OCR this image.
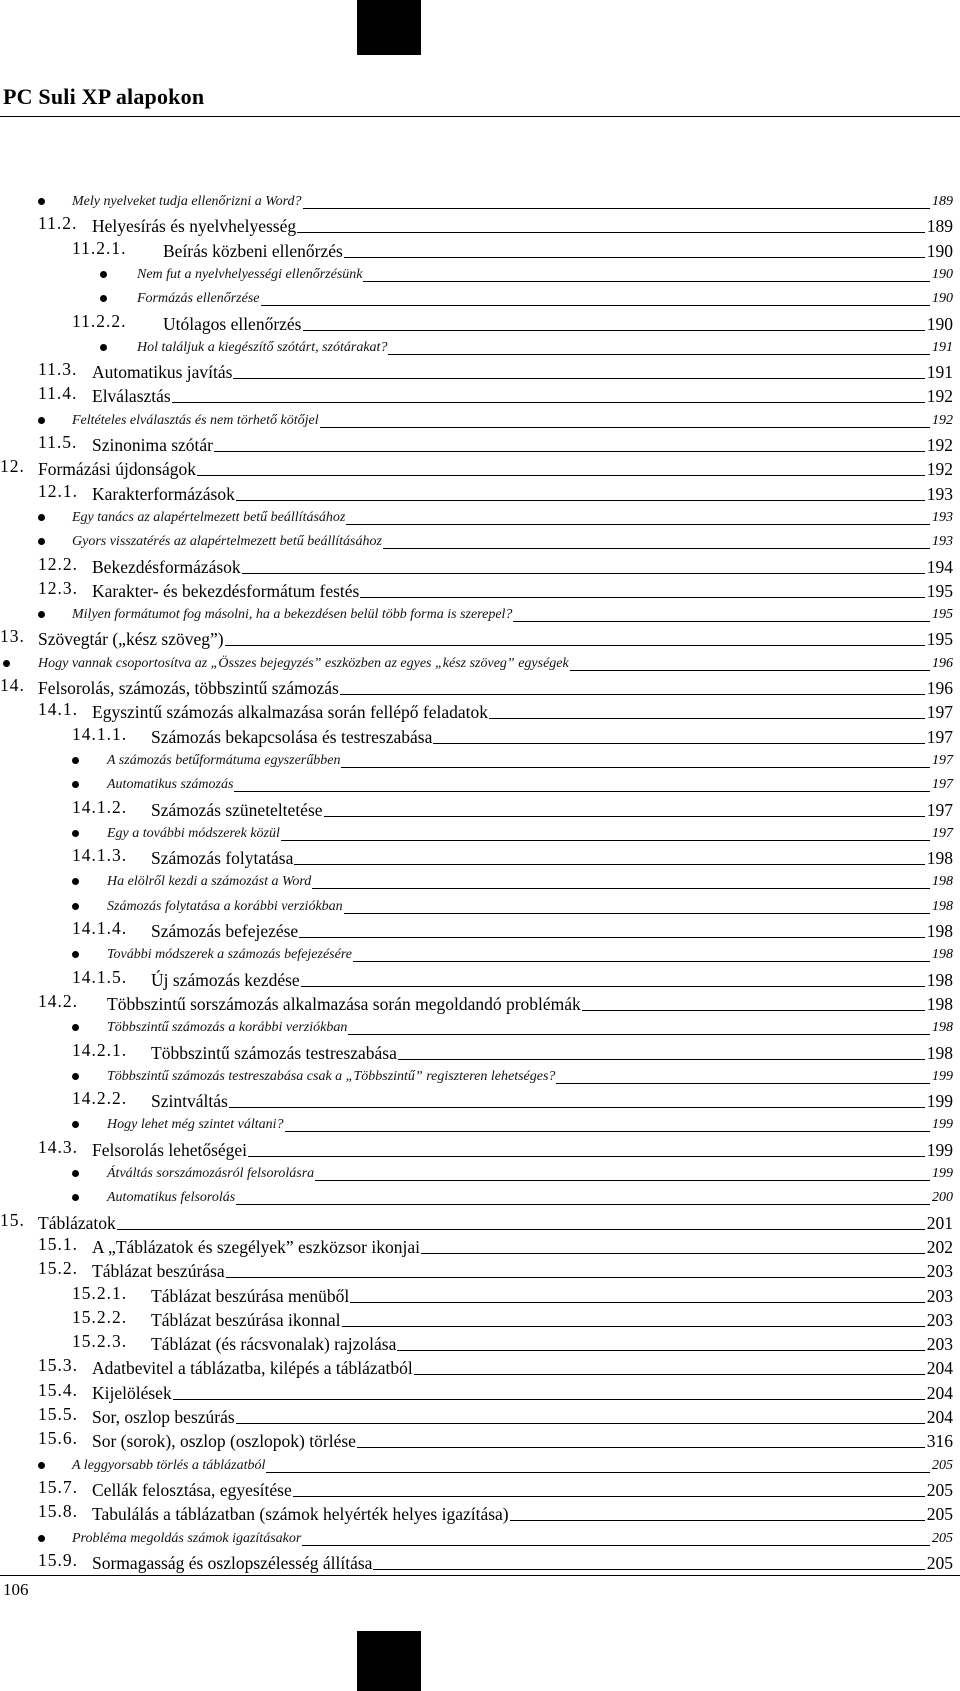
PC Suli XP alapokon
Mely nyelveket tudja ellenőrizni a Word?	189
11.2. Helyesírás és nyelvhelyesség	189
11.2.1. Beírás közbeni ellenőrzés	190
Nem fut a nyelvhelyességi ellenőrzésünk	190
Formázás ellenőrzése	190
11.2.2. Utólagos ellenőrzés	190
Hol találjuk a kiegészítő szótárt, szótárakat?	191
11.3. Automatikus javítás	191
11.4. Elválasztás	192
Feltételes elválasztás és nem törhető kötőjel	192
11.5. Szinonima szótár	192
12. Formázási újdonságok	192
12.1. Karakterformázások	193
Egy tanács az alapértelmezett betű beállításához	193
Gyors visszatérés az alapértelmezett betű beállításához	193
12.2. Bekezdésformázások	194
12.3. Karakter- és bekezdésformátum festés	195
Milyen formátumot fog másolni, ha a bekezdésen belül több forma is szerepel?	195
13. Szövegtár („kész szöveg”)	195
Hogy vannak csoportosítva az „Összes bejegyzés” eszközben az egyes „kész szöveg” egységek	196
14. Felsorolás, számozás, többszintű számozás	196
14.1. Egyszintű számozás alkalmazása során fellépő feladatok	197
14.1.1. Számozás bekapcsolása és testreszabása	197
A számozás betűformátuma egyszerűbben	197
Automatikus számozás	197
14.1.2. Számozás szüneteltetése	197
Egy a további módszerek közül	197
14.1.3. Számozás folytatása	198
Ha elölről kezdi a számozást a Word	198
Számozás folytatása a korábbi verziókban	198
14.1.4. Számozás befejezése	198
További módszerek a számozás befejezésére	198
14.1.5. Új számozás kezdése	198
14.2. Többszintű sorszámozás alkalmazása során megoldandó problémák	198
Többszintű számozás a korábbi verziókban	198
14.2.1. Többszintű számozás testreszabása	198
Többszintű számozás testreszabása csak a „Többszintű” regiszteren lehetséges?	199
14.2.2. Szintváltás	199
Hogy lehet még szintet váltani?	199
14.3. Felsorolás lehetőségei	199
Átváltás sorszámozásról felsorolásra	199
Automatikus felsorolás	200
15. Táblázatok	201
15.1. A „Táblázatok és szegélyek” eszközsor ikonjai	202
15.2. Táblázat beszúrása	203
15.2.1. Táblázat beszúrása menüből	203
15.2.2. Táblázat beszúrása ikonnal	203
15.2.3. Táblázat (és rácsvonalak) rajzolása	203
15.3. Adatbevitel a táblázatba, kilépés a táblázatból	204
15.4. Kijelölések	204
15.5. Sor, oszlop beszúrás	204
15.6. Sor (sorok), oszlop (oszlopok) törlése	316
A leggyorsabb törlés a táblázatból	205
15.7. Cellák felosztása, egyesítése	205
15.8. Tabulálás a táblázatban (számok helyérték helyes igazítása)	205
Probléma megoldás számok igazításakor	205
15.9. Sormagasság és oszlopszélesség állítása	205
106
